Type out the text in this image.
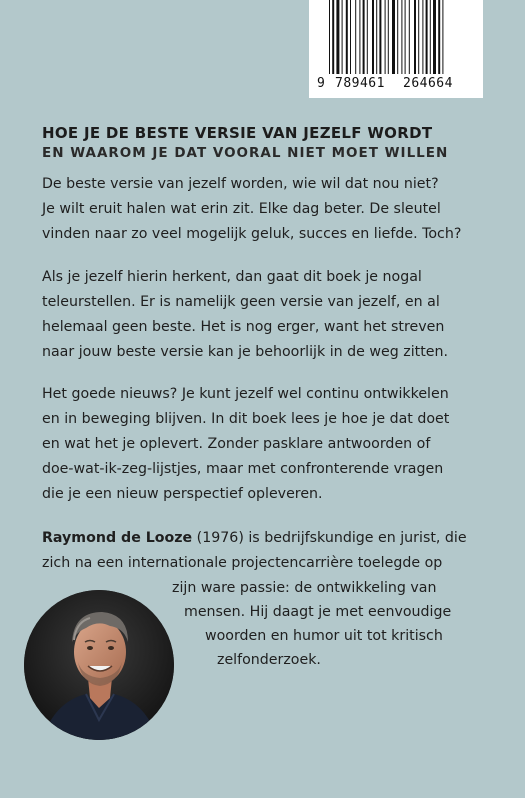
9 789461 264664
HOE JE DE BESTE VERSIE VAN JEZELF WORDT
EN WAAROM JE DAT VOORAL NIET MOET WILLEN
De beste versie van jezelf worden, wie wil dat nou niet?
Je wilt eruit halen wat erin zit. Elke dag beter. De sleutel
vinden naar zo veel mogelijk geluk, succes en liefde. Toch?
Als je jezelf hierin herkent, dan gaat dit boek je nogal
teleurstellen. Er is namelijk geen versie van jezelf, en al
helemaal geen beste. Het is nog erger, want het streven
naar jouw beste versie kan je behoorlijk in de weg zitten.
Het goede nieuws? Je kunt jezelf wel continu ontwikkelen
en in beweging blijven. In dit boek lees je hoe je dat doet
en wat het je oplevert. Zonder pasklare antwoorden of
doe-wat-ik-zeg-lijstjes, maar met confronterende vragen
die je een nieuw perspectief opleveren.

Raymond de Looze (1976) is bedrijfskundige en jurist, die

zich na een internationale projectencarrière toelegde op

zijn ware passie: de ontwikkeling van

mensen. Hij daagt je met eenvoudige

woorden en humor uit tot kritisch

zelfonderzoek.
